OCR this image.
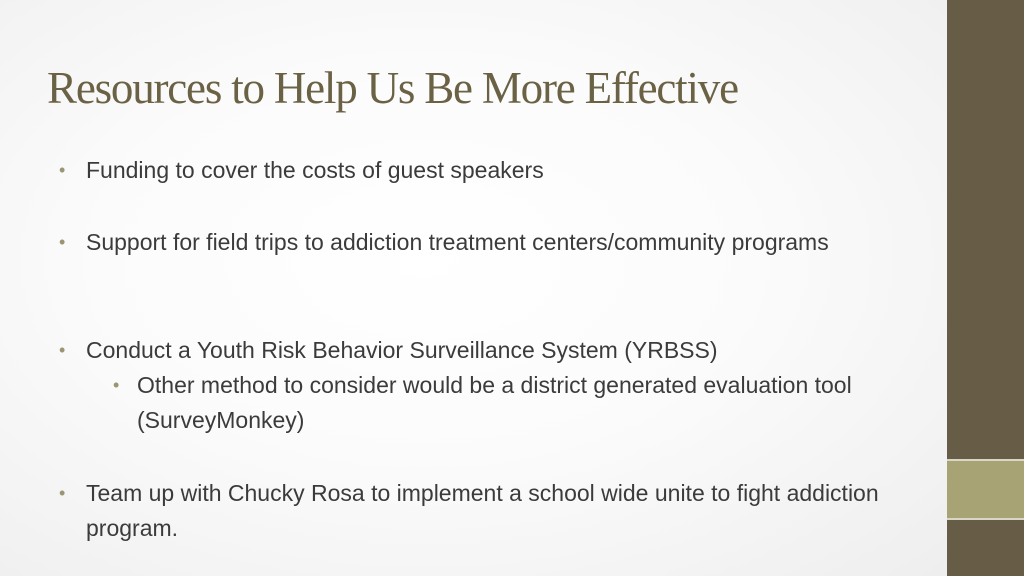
Resources to Help Us Be More Effective
• Funding to cover the costs of guest speakers
• Support for field trips to addiction treatment centers/community programs
• Conduct a Youth Risk Behavior Surveillance System (YRBSS)
• Other method to consider would be a district generated evaluation tool (SurveyMonkey)
• Team up with Chucky Rosa to implement a school wide unite to fight addiction program.
